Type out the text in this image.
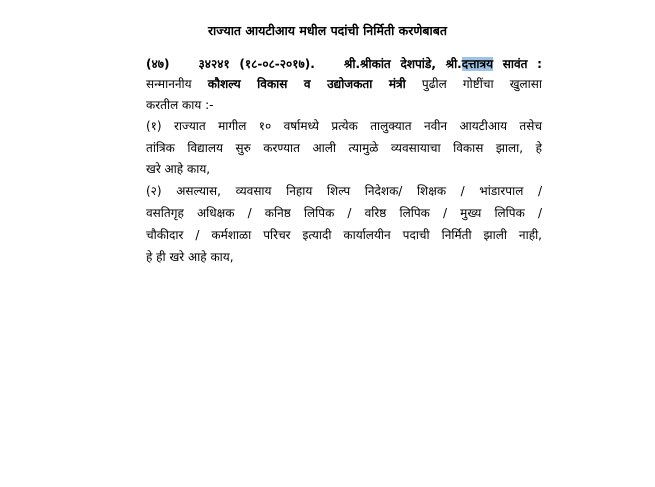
राज्यात आयटीआय मधील पदांची निर्मिती करणेबाबत
(४७) ३४२४१ (१८-०८-२०१७). श्री.श्रीकांत देशपांडे, श्री.दत्तात्रय सावंत :
सन्माननीय कौशल्य विकास व उद्योजकता मंत्री पुढील गोष्टींचा खुलासा
करतील काय :-
(१) राज्यात मागील १० वर्षामध्ये प्रत्येक तालुक्यात नवीन आयटीआय तसेच
तांत्रिक विद्यालय सुरु करण्यात आली त्यामुळे व्यवसायाचा विकास झाला, हे
खरे आहे काय,
(२) असल्यास, व्यवसाय निहाय शिल्प निदेशक/ शिक्षक / भांडारपाल /
वसतिगृह अधिक्षक / कनिष्ठ लिपिक / वरिष्ठ लिपिक / मुख्य लिपिक /
चौकीदार / कर्मशाळा परिचर इत्यादी कार्यालयीन पदाची निर्मिती झाली नाही,
हे ही खरे आहे काय,
